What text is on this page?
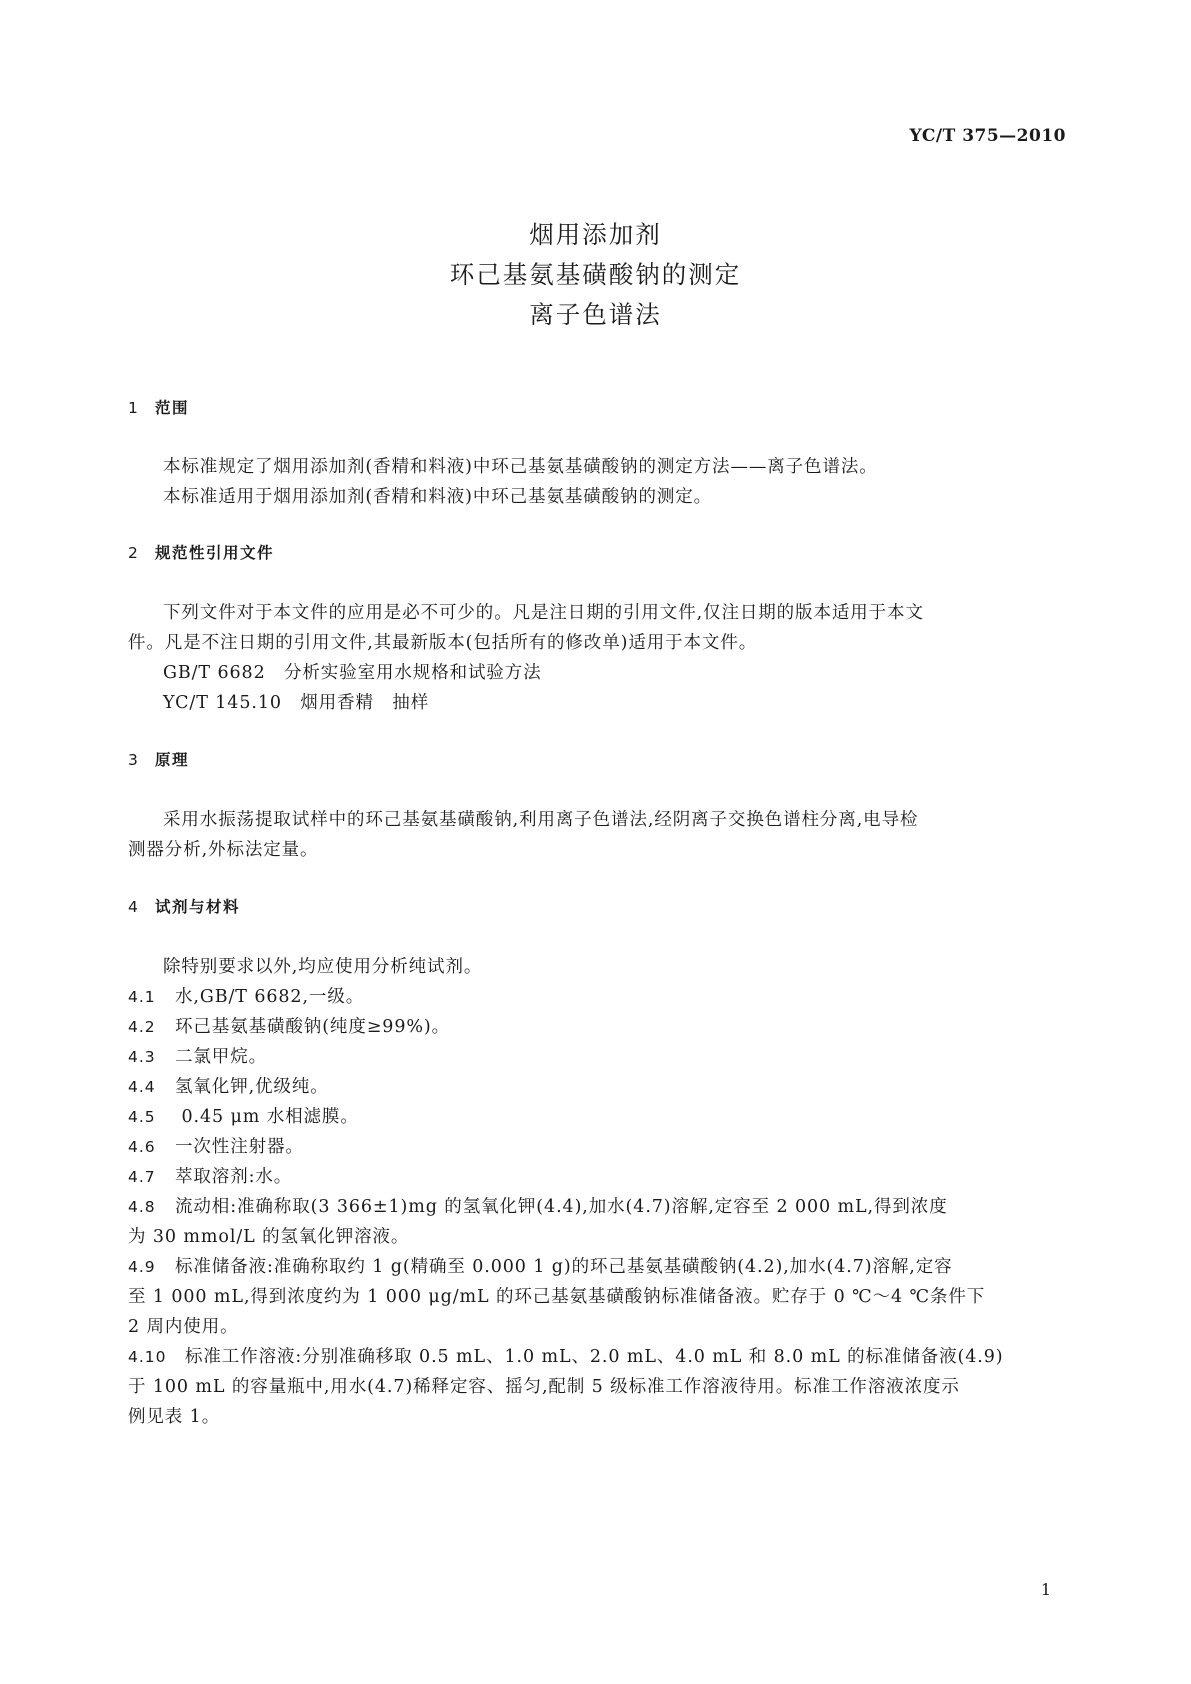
YC/T 375—2010
烟用添加剂
环己基氨基磺酸钠的测定
离子色谱法
1 范围
本标准规定了烟用添加剂(香精和料液)中环己基氨基磺酸钠的测定方法——离子色谱法。
本标准适用于烟用添加剂(香精和料液)中环己基氨基磺酸钠的测定。
2 规范性引用文件
下列文件对于本文件的应用是必不可少的。凡是注日期的引用文件,仅注日期的版本适用于本文
件。凡是不注日期的引用文件,其最新版本(包括所有的修改单)适用于本文件。
GB/T 6682　分析实验室用水规格和试验方法
YC/T 145.10　烟用香精　抽样
3 原理
采用水振荡提取试样中的环己基氨基磺酸钠,利用离子色谱法,经阴离子交换色谱柱分离,电导检
测器分析,外标法定量。
4 试剂与材料
除特别要求以外,均应使用分析纯试剂。
4.1 水,GB/T 6682,一级。
4.2 环己基氨基磺酸钠(纯度≥99%)。
4.3 二氯甲烷。
4.4 氢氧化钾,优级纯。
4.5 0.45 μm 水相滤膜。
4.6 一次性注射器。
4.7 萃取溶剂:水。
4.8 流动相:准确称取(3 366±1)mg 的氢氧化钾(4.4),加水(4.7)溶解,定容至 2 000 mL,得到浓度
为 30 mmol/L 的氢氧化钾溶液。
4.9 标准储备液:准确称取约 1 g(精确至 0.000 1 g)的环己基氨基磺酸钠(4.2),加水(4.7)溶解,定容
至 1 000 mL,得到浓度约为 1 000 μg/mL 的环己基氨基磺酸钠标准储备液。贮存于 0 ℃～4 ℃条件下
2 周内使用。
4.10 标准工作溶液:分别准确移取 0.5 mL、1.0 mL、2.0 mL、4.0 mL 和 8.0 mL 的标准储备液(4.9)
于 100 mL 的容量瓶中,用水(4.7)稀释定容、摇匀,配制 5 级标准工作溶液待用。标准工作溶液浓度示
例见表 1。
1
